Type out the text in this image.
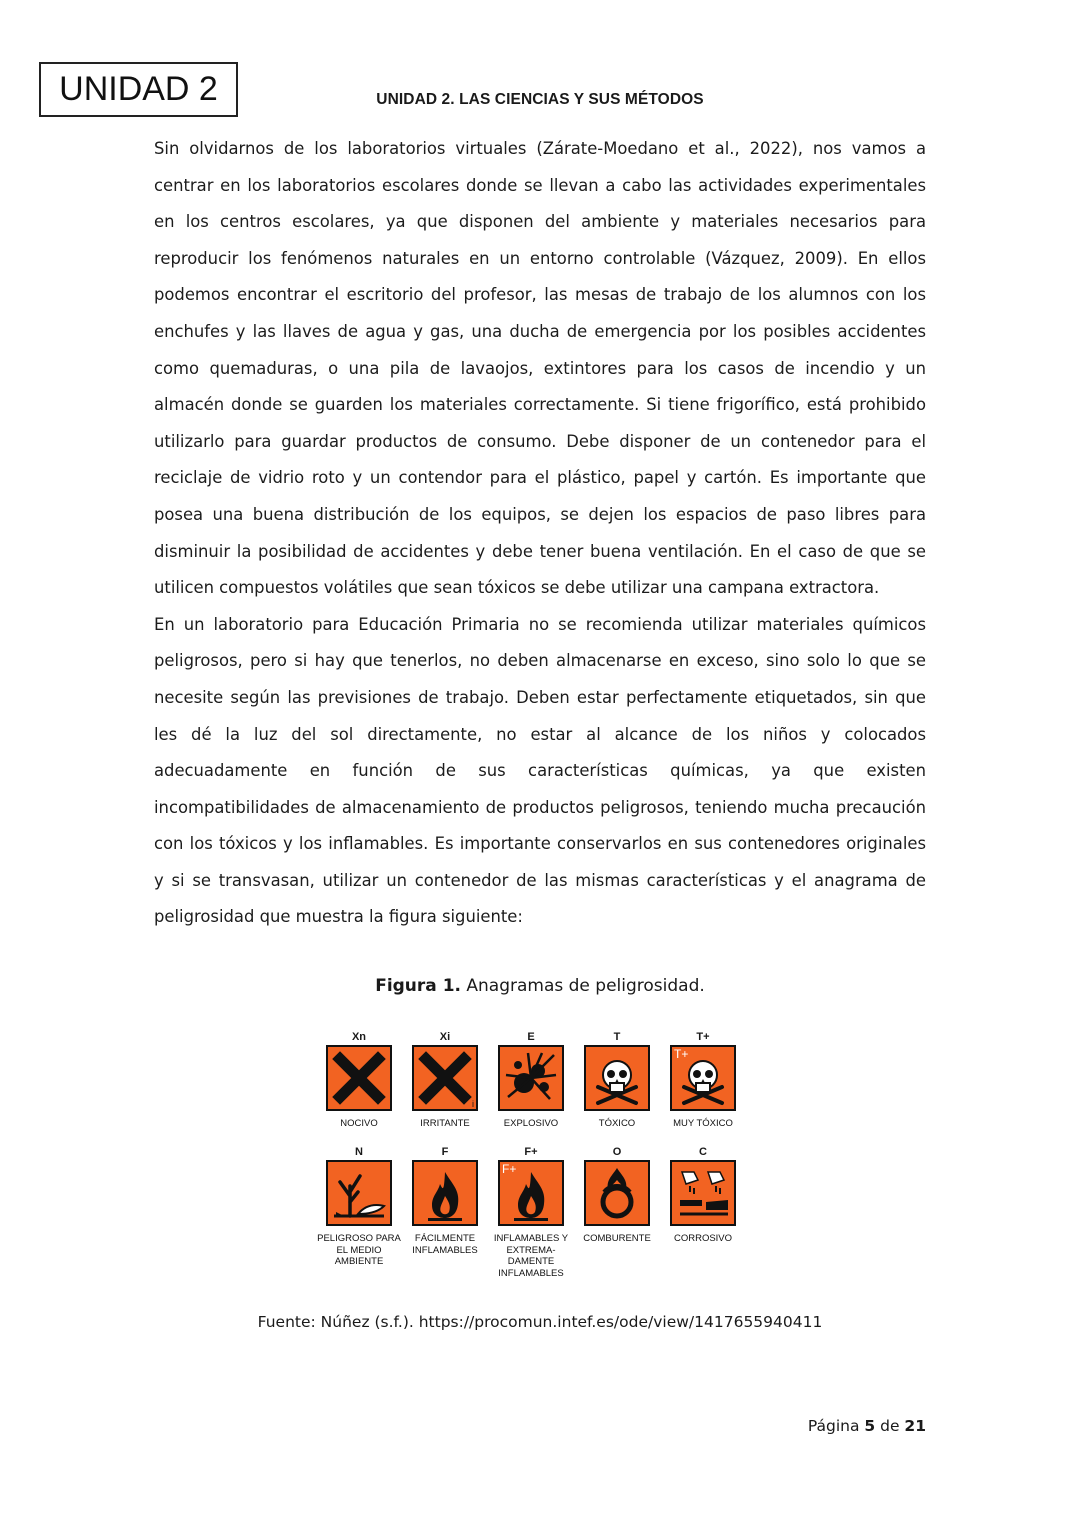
UNIDAD 2	UNIDAD 2. LAS CIENCIAS Y SUS MÉTODOS

Sin olvidarnos de los laboratorios virtuales (Zárate-Moedano et al., 2022), nos vamos a centrar en los laboratorios escolares donde se llevan a cabo las actividades experimentales en los centros escolares, ya que disponen del ambiente y materiales necesarios para reproducir los fenómenos naturales en un entorno controlable (Vázquez, 2009). En ellos podemos encontrar el escritorio del profesor, las mesas de trabajo de los alumnos con los enchufes y las llaves de agua y gas, una ducha de emergencia por los posibles accidentes como quemaduras, o una pila de lavaojos, extintores para los casos de incendio y un almacén donde se guarden los materiales correctamente. Si tiene frigorífico, está prohibido utilizarlo para guardar productos de consumo. Debe disponer de un contenedor para el reciclaje de vidrio roto y un contendor para el plástico, papel y cartón. Es importante que posea una buena distribución de los equipos, se dejen los espacios de paso libres para disminuir la posibilidad de accidentes y debe tener buena ventilación. En el caso de que se utilicen compuestos volátiles que sean tóxicos se debe utilizar una campana extractora.

En un laboratorio para Educación Primaria no se recomienda utilizar materiales químicos peligrosos, pero si hay que tenerlos, no deben almacenarse en exceso, sino solo lo que se necesite según las previsiones de trabajo. Deben estar perfectamente etiquetados, sin que les dé la luz del sol directamente, no estar al alcance de los niños y colocados adecuadamente en función de sus características químicas, ya que existen incompatibilidades de almacenamiento de productos peligrosos, teniendo mucha precaución con los tóxicos y los inflamables. Es importante conservarlos en sus contenedores originales y si se transvasan, utilizar un contenedor de las mismas características y el anagrama de peligrosidad que muestra la figura siguiente:

Figura 1. Anagramas de peligrosidad.
Xn
NOCIVO
Xi
i
IRRITANTE
E
EXPLOSIVO
T
TÓXICO
T+
T+
MUY TÓXICO
N
PELIGROSO PARA EL MEDIO AMBIENTE
F
FÁCILMENTE INFLAMABLES
F+
F+
INFLAMABLES Y EXTREMA- DAMENTE INFLAMABLES
O
COMBURENTE
C
CORROSIVO
Fuente: Núñez (s.f.). https://procomun.intef.es/ode/view/1417655940411
Página 5 de 21
